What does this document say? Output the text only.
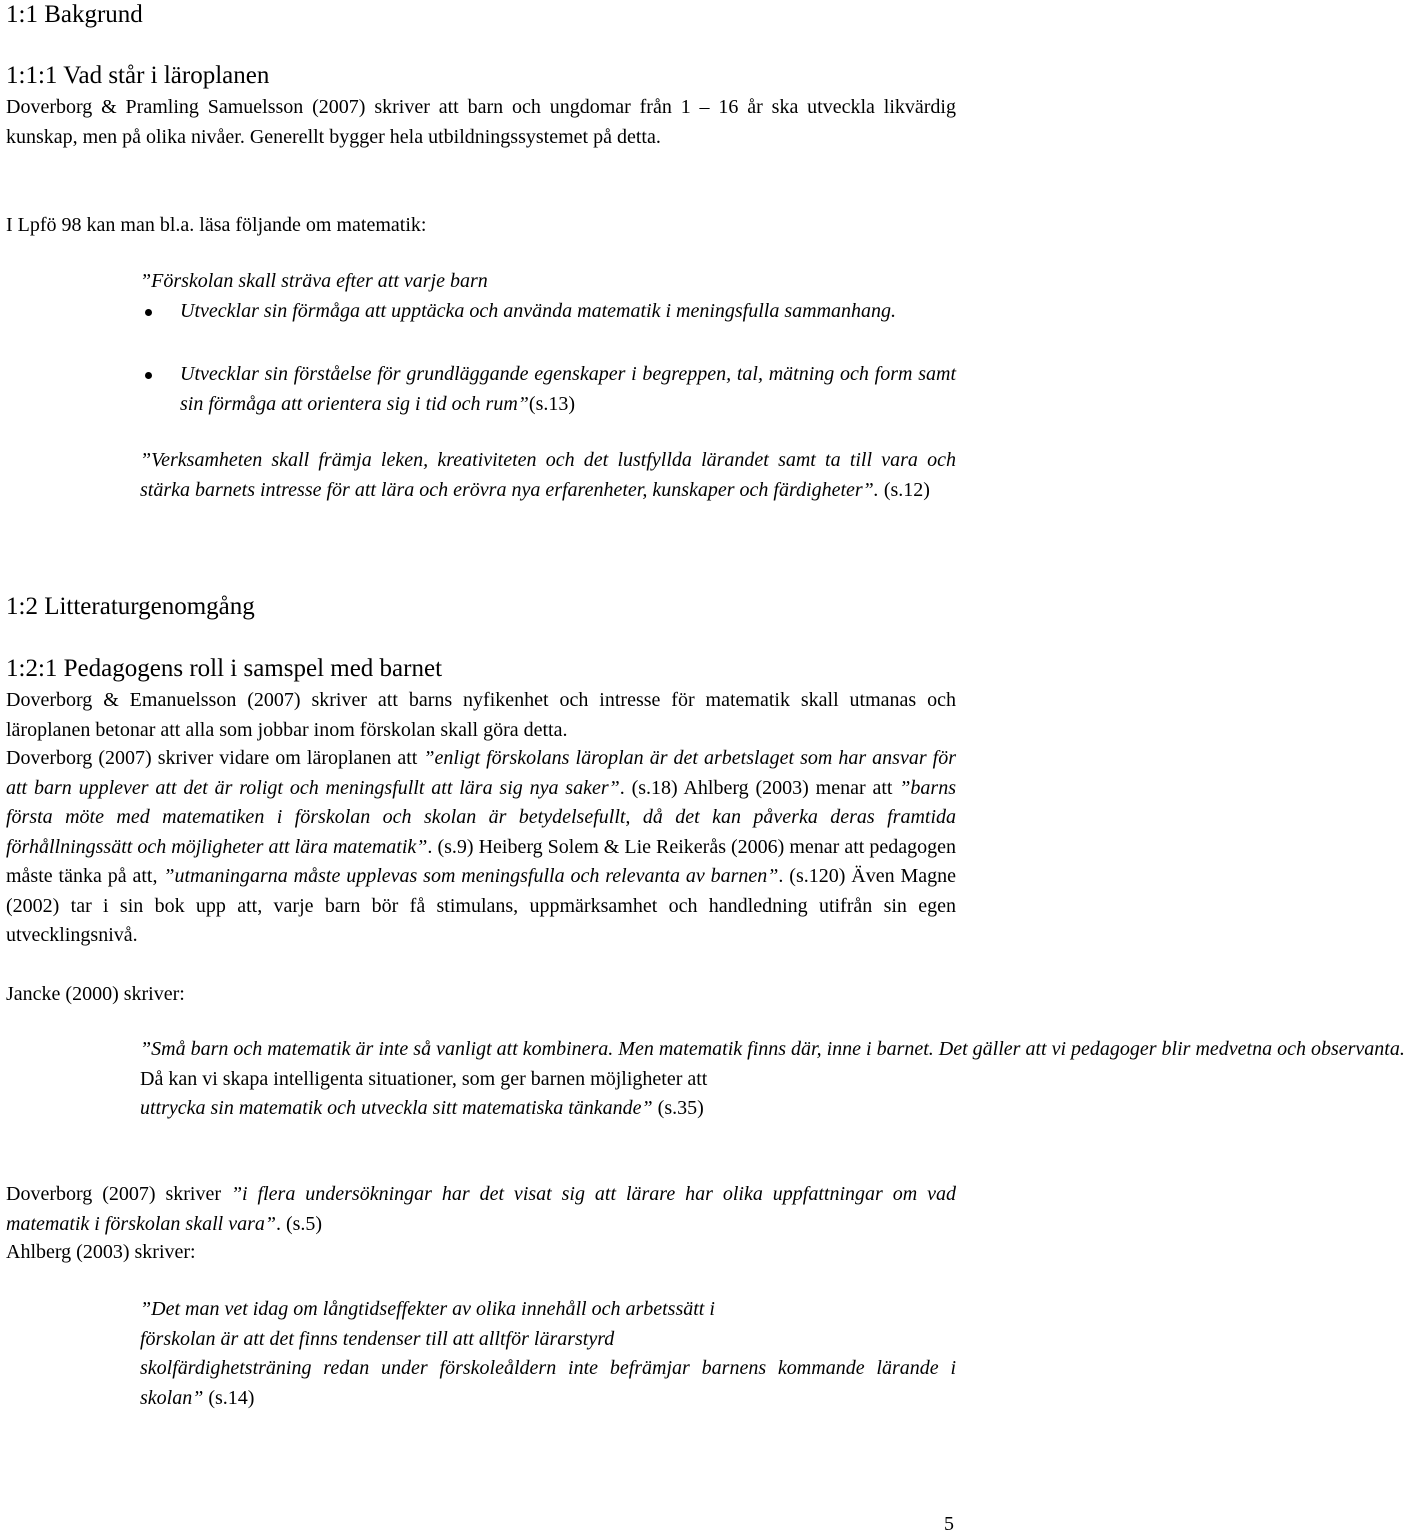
1:1 Bakgrund
1:1:1 Vad står i läroplanen
Doverborg & Pramling Samuelsson (2007) skriver att barn och ungdomar från 1 – 16 år ska utveckla likvärdig kunskap, men på olika nivåer. Generellt bygger hela utbildningssystemet på detta.
I Lpfö 98 kan man bl.a. läsa följande om matematik:
”Förskolan skall sträva efter att varje barn
Utvecklar sin förmåga att upptäcka och använda matematik i meningsfulla sammanhang.
Utvecklar sin förståelse för grundläggande egenskaper i begreppen, tal, mätning och form samt sin förmåga att orientera sig i tid och rum”(s.13)
”Verksamheten skall främja leken, kreativiteten och det lustfyllda lärandet samt ta till vara och stärka barnets intresse för att lära och erövra nya erfarenheter, kunskaper och färdigheter”. (s.12)
1:2 Litteraturgenomgång
1:2:1 Pedagogens roll i samspel med barnet
Doverborg & Emanuelsson (2007) skriver att barns nyfikenhet och intresse för matematik skall utmanas och läroplanen betonar att alla som jobbar inom förskolan skall göra detta.
Doverborg (2007) skriver vidare om läroplanen att ”enligt förskolans läroplan är det arbetslaget som har ansvar för att barn upplever att det är roligt och meningsfullt att lära sig nya saker”. (s.18) Ahlberg (2003) menar att ”barns första möte med matematiken i förskolan och skolan är betydelsefullt, då det kan påverka deras framtida förhållningssätt och möjligheter att lära matematik”. (s.9) Heiberg Solem & Lie Reikerås (2006) menar att pedagogen måste tänka på att, ”utmaningarna måste upplevas som meningsfulla och relevanta av barnen”. (s.120) Även Magne (2002) tar i sin bok upp att, varje barn bör få stimulans, uppmärksamhet och handledning utifrån sin egen utvecklingsnivå.
Jancke (2000) skriver:
”Små barn och matematik är inte så vanligt att kombinera. Men matematik finns där, inne i barnet. Det gäller att vi pedagoger blir medvetna och observanta.
Då kan vi skapa intelligenta situationer, som ger barnen möjligheter att
uttrycka sin matematik och utveckla sitt matematiska tänkande” (s.35)
Doverborg (2007) skriver ”i flera undersökningar har det visat sig att lärare har olika uppfattningar om vad matematik i förskolan skall vara”. (s.5)
Ahlberg (2003) skriver:
”Det man vet idag om långtidseffekter av olika innehåll och arbetssätt i
förskolan är att det finns tendenser till att alltför lärarstyrd
skolfärdighetsträning redan under förskoleåldern inte befrämjar barnens kommande lärande i skolan” (s.14)
5
